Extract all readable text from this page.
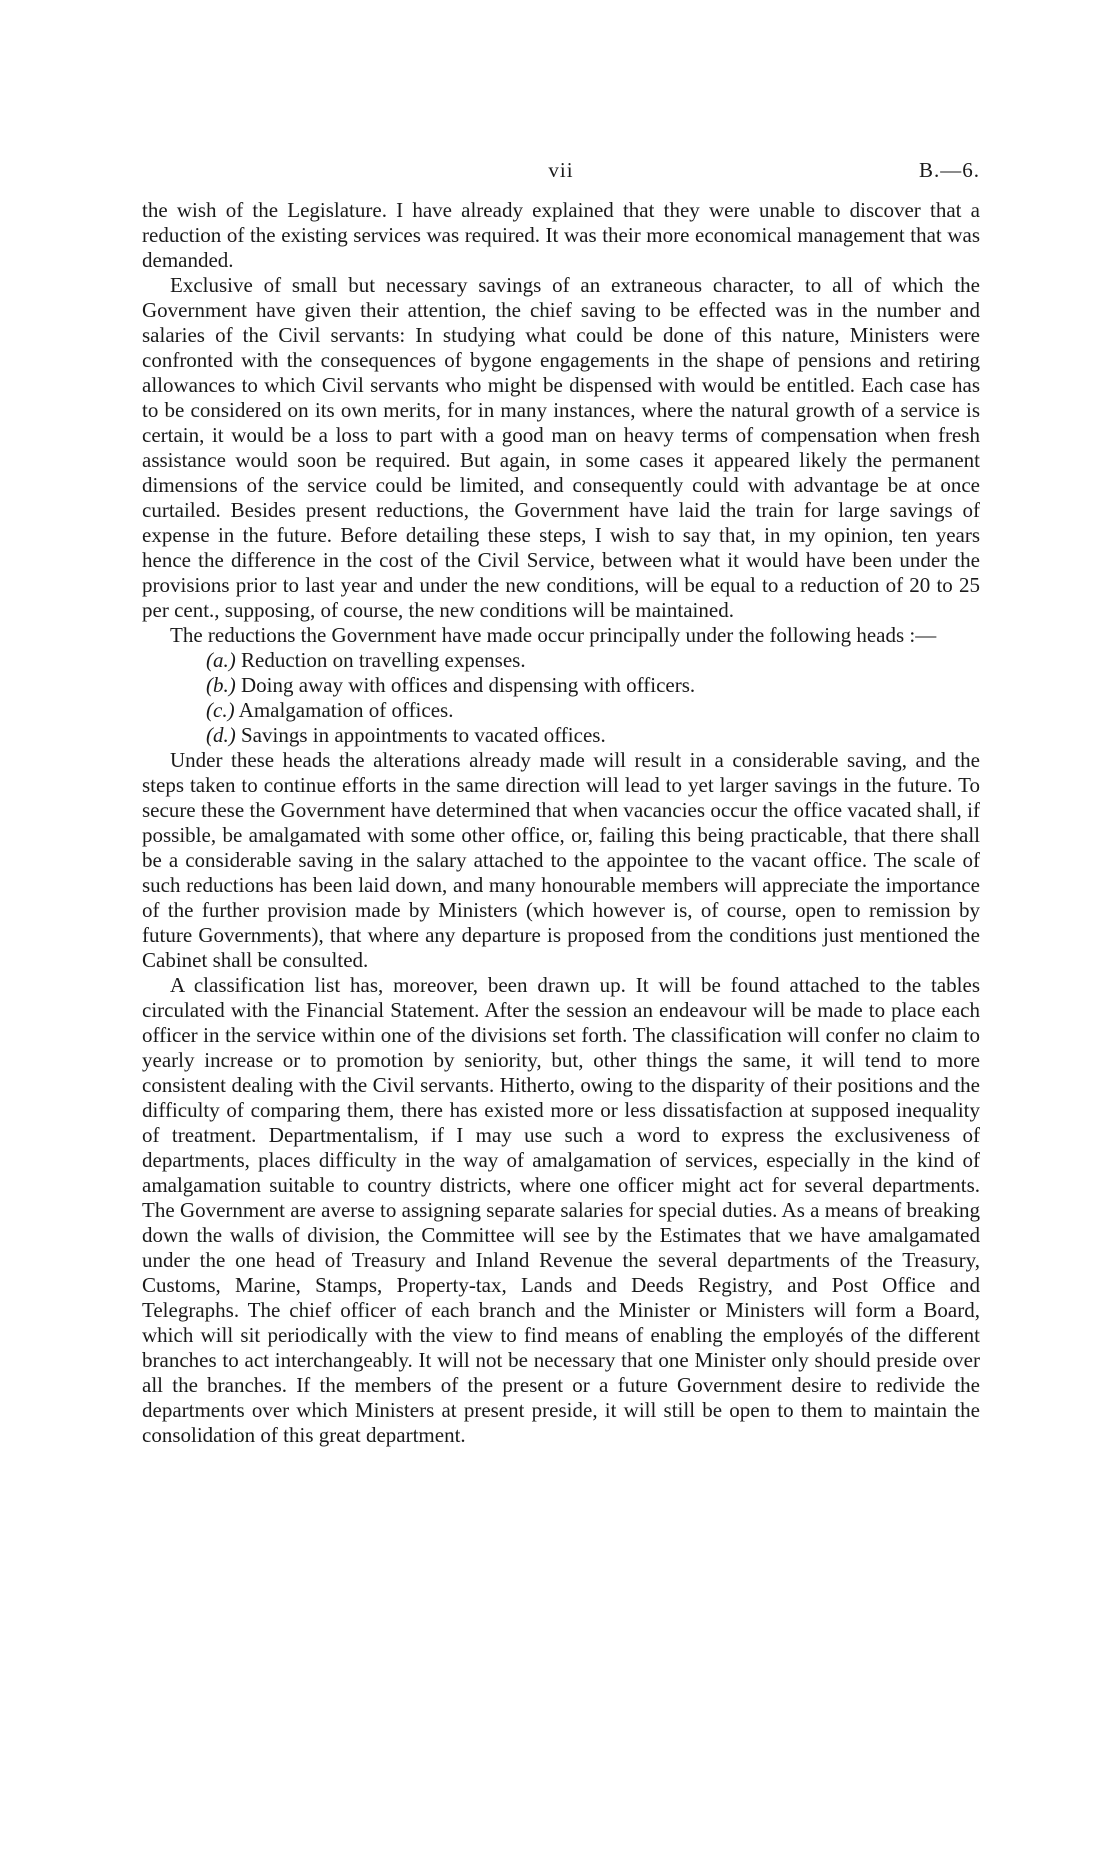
vii	B.—6.

the wish of the Legislature. I have already explained that they were unable to discover that a reduction of the existing services was required. It was their more economical management that was demanded.

Exclusive of small but necessary savings of an extraneous character, to all of which the Government have given their attention, the chief saving to be effected was in the number and salaries of the Civil servants: In studying what could be done of this nature, Ministers were confronted with the consequences of bygone engagements in the shape of pensions and retiring allowances to which Civil servants who might be dispensed with would be entitled. Each case has to be considered on its own merits, for in many instances, where the natural growth of a service is certain, it would be a loss to part with a good man on heavy terms of compensation when fresh assistance would soon be required. But again, in some cases it appeared likely the permanent dimensions of the service could be limited, and consequently could with advantage be at once curtailed. Besides present reductions, the Government have laid the train for large savings of expense in the future. Before detailing these steps, I wish to say that, in my opinion, ten years hence the difference in the cost of the Civil Service, between what it would have been under the provisions prior to last year and under the new conditions, will be equal to a reduction of 20 to 25 per cent., supposing, of course, the new conditions will be maintained.

The reductions the Government have made occur principally under the following heads :—

(a.) Reduction on travelling expenses.
(b.) Doing away with offices and dispensing with officers.
(c.) Amalgamation of offices.
(d.) Savings in appointments to vacated offices.

Under these heads the alterations already made will result in a considerable saving, and the steps taken to continue efforts in the same direction will lead to yet larger savings in the future. To secure these the Government have determined that when vacancies occur the office vacated shall, if possible, be amalgamated with some other office, or, failing this being practicable, that there shall be a considerable saving in the salary attached to the appointee to the vacant office. The scale of such reductions has been laid down, and many honourable members will appreciate the importance of the further provision made by Ministers (which however is, of course, open to remission by future Governments), that where any departure is proposed from the conditions just mentioned the Cabinet shall be consulted.

A classification list has, moreover, been drawn up. It will be found attached to the tables circulated with the Financial Statement. After the session an endeavour will be made to place each officer in the service within one of the divisions set forth. The classification will confer no claim to yearly increase or to promotion by seniority, but, other things the same, it will tend to more consistent dealing with the Civil servants. Hitherto, owing to the disparity of their positions and the difficulty of comparing them, there has existed more or less dissatisfaction at supposed inequality of treatment. Departmentalism, if I may use such a word to express the exclusiveness of departments, places difficulty in the way of amalgamation of services, especially in the kind of amalgamation suitable to country districts, where one officer might act for several departments. The Government are averse to assigning separate salaries for special duties. As a means of breaking down the walls of division, the Committee will see by the Estimates that we have amalgamated under the one head of Treasury and Inland Revenue the several departments of the Treasury, Customs, Marine, Stamps, Property-tax, Lands and Deeds Registry, and Post Office and Telegraphs. The chief officer of each branch and the Minister or Ministers will form a Board, which will sit periodically with the view to find means of enabling the employés of the different branches to act interchangeably. It will not be necessary that one Minister only should preside over all the branches. If the members of the present or a future Government desire to redivide the departments over which Ministers at present preside, it will still be open to them to maintain the consolidation of this great department.
